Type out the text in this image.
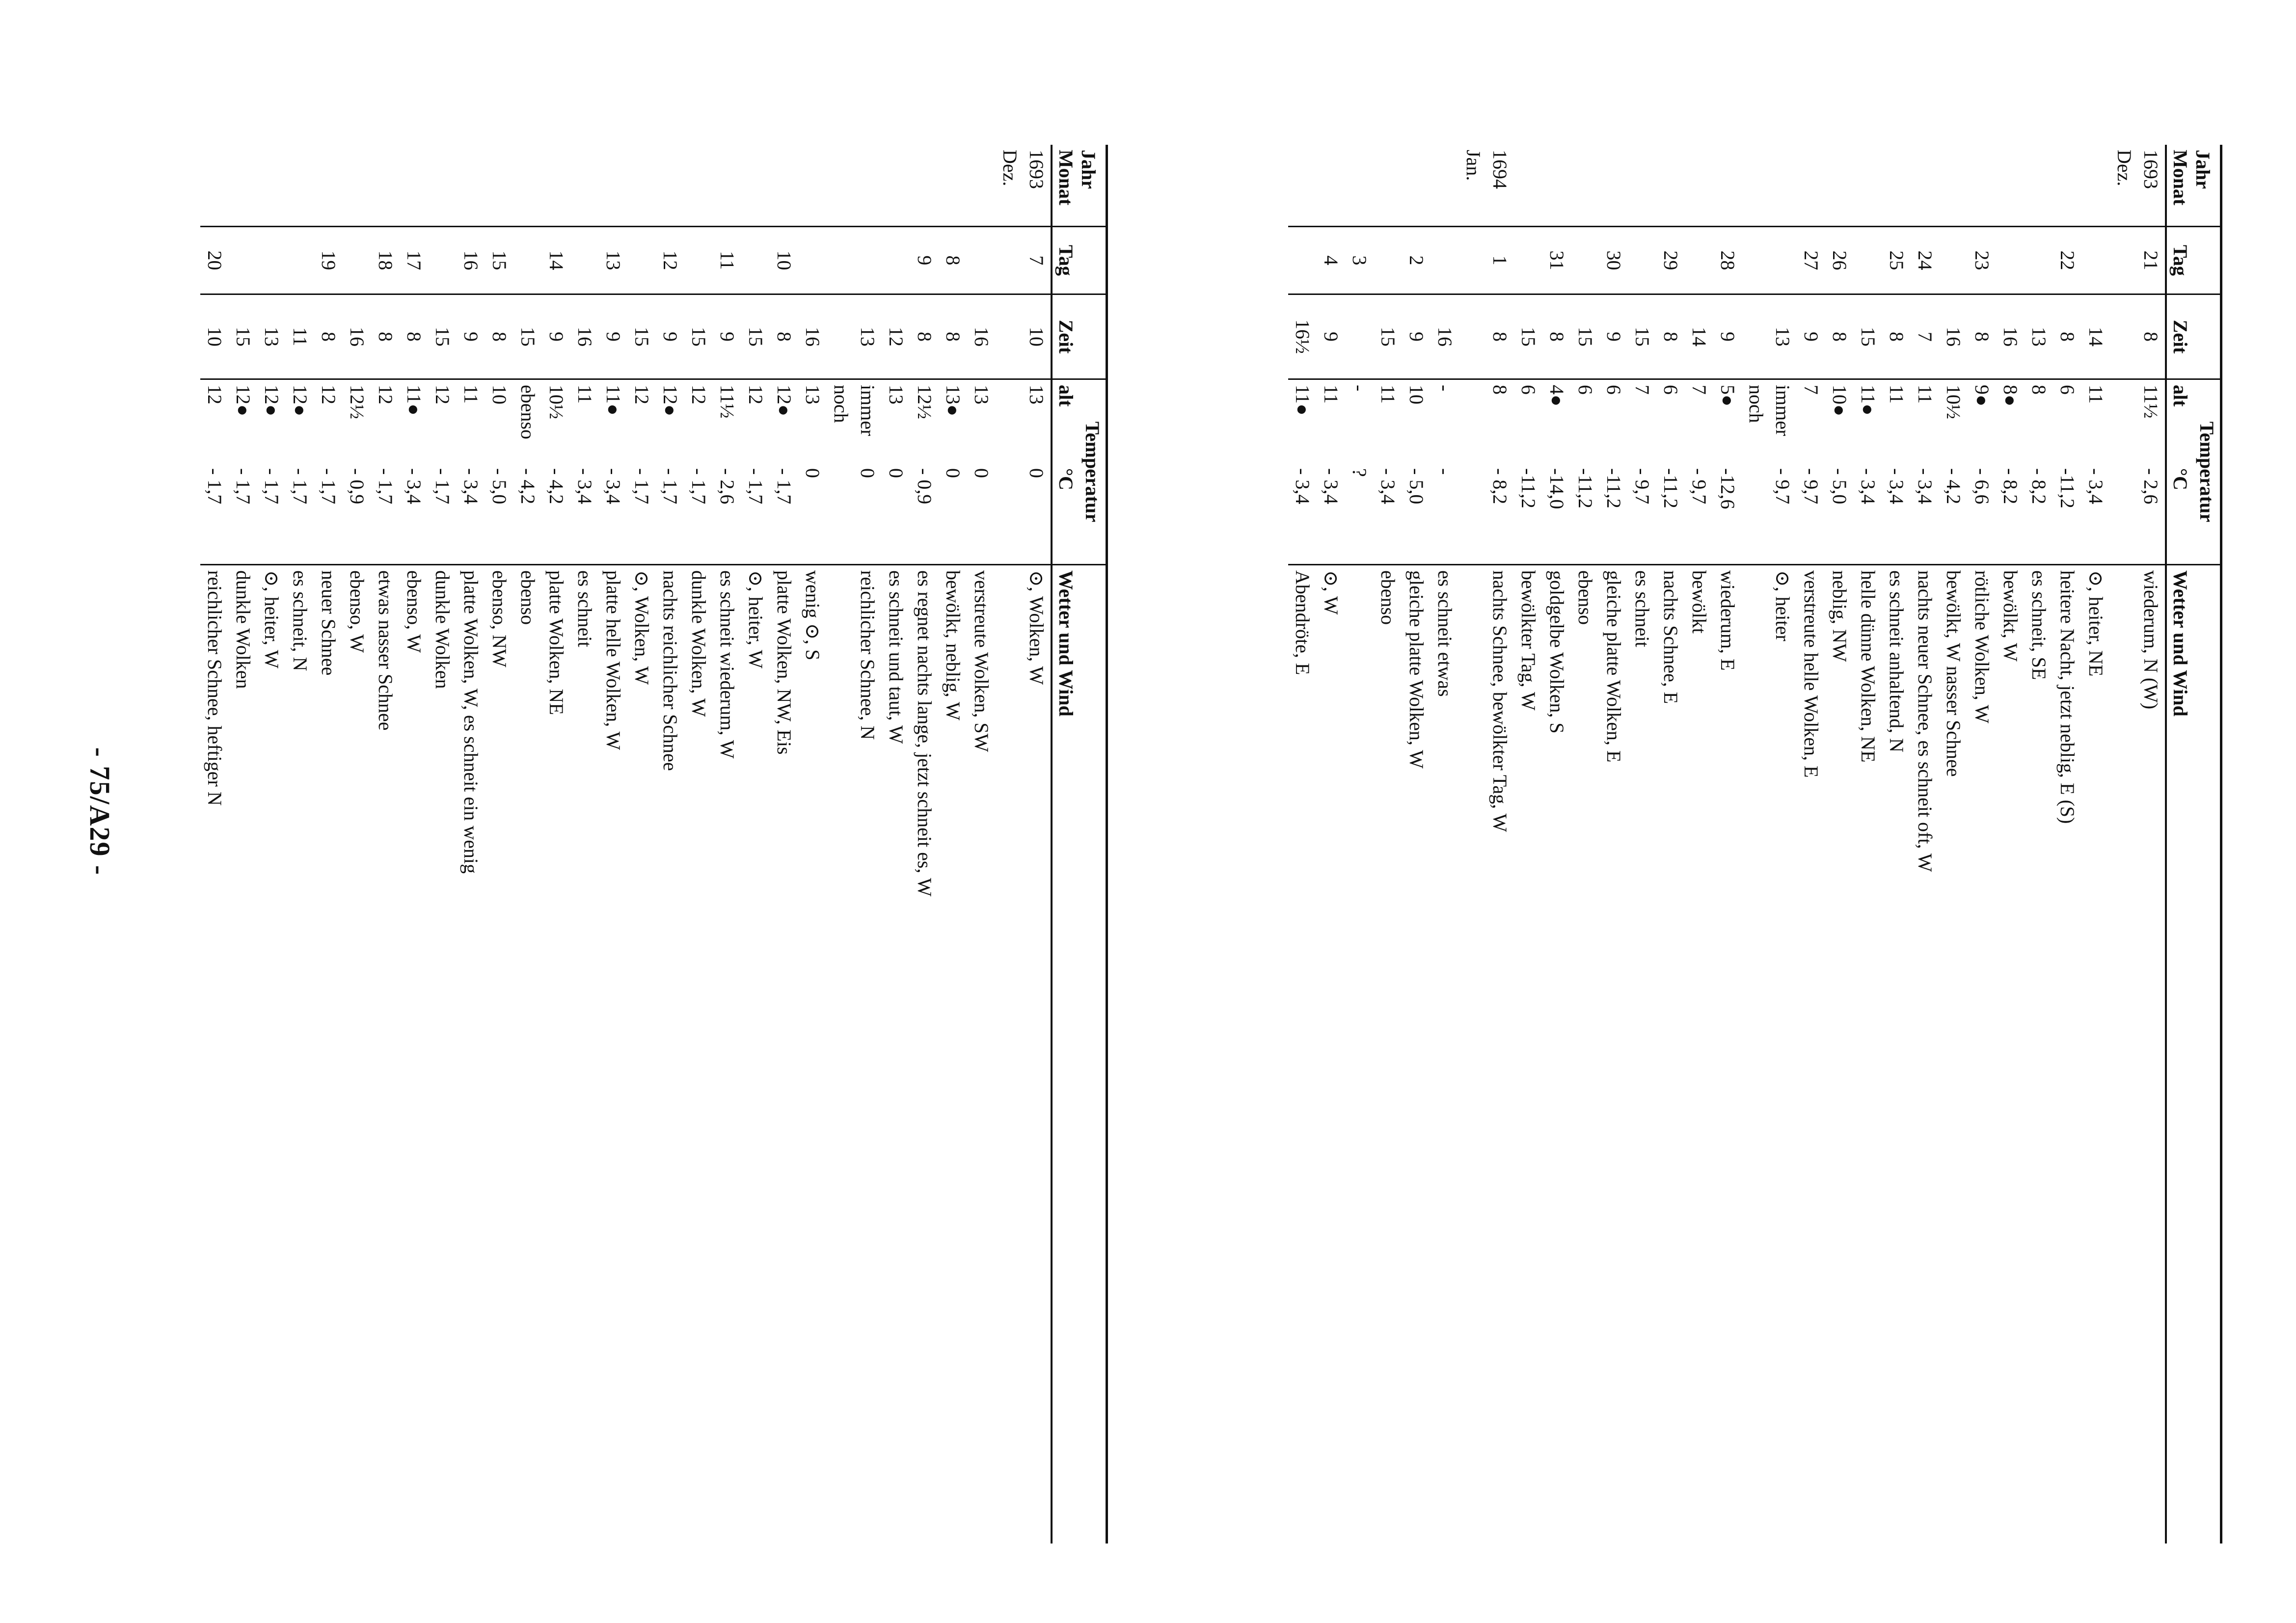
- 75/A29 -
Jahr
Monat	Tag	Zeit	Temperatur		Wetter und Wind
			alt	°C	
1693
Dez.	7	10	13	0	⊙, Wolken, W

		16	13	0	verstreute Wolken, SW

	8	8	13●	0	bewölkt, neblig, W

	9	8	12½	- 0,9	es regnet nachts lange, jetzt schneit es, W

		12	13	0	es schneit und taut, W

		13	immer noch	0	reichlicher Schnee, N

		16	13	0	wenig ⊙, S

	10	8	12●	- 1,7	platte Wolken, NW, Eis

		15	12	- 1,7	⊙, heiter, W

	11	9	11½	- 2,6	es schneit wiederum, W

		15	12	- 1,7	dunkle Wolken, W

	12	9	12●	- 1,7	nachts reichlicher Schnee

		15	12	- 1,7	⊙, Wolken, W

	13	9	11●	- 3,4	platte helle Wolken, W

		16	11	- 3,4	es schneit

	14	9	10½	- 4,2	platte Wolken, NE

		15	ebenso	- 4,2	ebenso

	15	8	10	- 5,0	ebenso, NW

	16	9	11	- 3,4	platte Wolken, W, es schneit ein wenig

		15	12	- 1,7	dunkle Wolken

	17	8	11●	- 3,4	ebenso, W

	18	8	12	- 1,7	etwas nasser Schnee

		16	12½	- 0,9	ebenso, W

	19	8	12	- 1,7	neuer Schnee

		11	12●	- 1,7	es schneit, N

		13	12●	- 1,7	⊙, heiter, W

		15	12●	- 1,7	dunkle Wolken

	20	10	12	- 1,7	reichlicher Schnee, heftiger N
Jahr
Monat	Tag	Zeit	Temperatur		Wetter und Wind
			alt	°C	
1693
Dez.	21	8	11½	- 2,6	wiederum, N (W)

		14	11	- 3,4	⊙, heiter, NE

	22	8	6	-11,2	heitere Nacht, jetzt neblig, E (S)

		13	8	- 8,2	es schneit, SE

		16	8●	- 8,2	bewölkt, W

	23	8	9●	- 6,6	rötliche Wolken, W

		16	10½	- 4,2	bewölkt, W nasser Schnee

	24	7	11	- 3,4	nachts neuer Schnee, es schneit oft, W

	25	8	11	- 3,4	es schneit anhaltend, N

		15	11●	- 3,4	helle dünne Wolken, NE

	26	8	10●	- 5,0	neblig, NW

	27	9	7	- 9,7	verstreute helle Wolken, E

		13	immer noch	- 9,7	⊙, heiter

	28	9	5●	-12,6	wiederum, E

		14	7	- 9,7	bewölkt

	29	8	6	-11,2	nachts Schnee, E

		15	7	- 9,7	es schneit

	30	9	6	-11,2	gleiche platte Wolken, E

		15	6	-11,2	ebenso

	31	8	4●	-14,0	goldgelbe Wolken, S

		15	6	-11,2	bewölkter Tag, W
1694
Jan.	1	8	8	- 8,2	nachts Schnee, bewölkter Tag, W

		16	-	-	es schneit etwas

	2	9	10	- 5,0	gleiche platte Wolken, W

		15	11	- 3,4	ebenso

	3		-	?	

	4	9	11	- 3,4	⊙, W

		16½	11●	- 3,4	Abendröte, E
